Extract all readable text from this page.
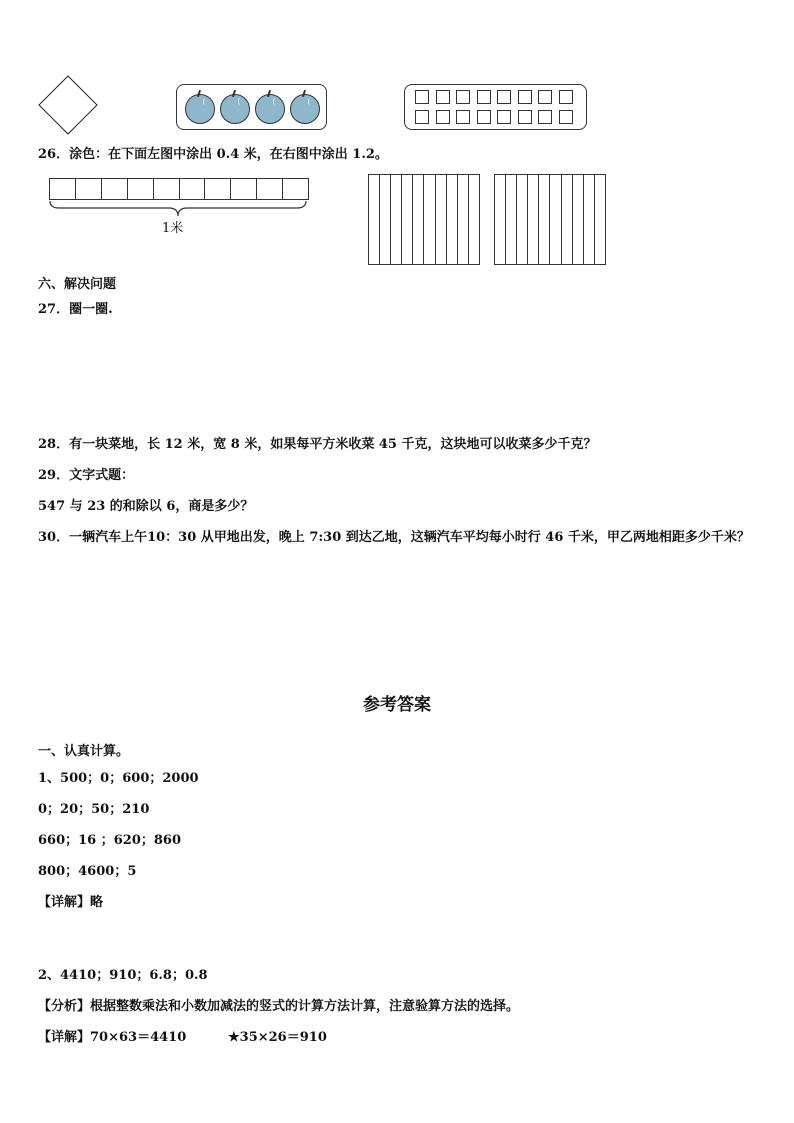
26．涂色：在下面左图中涂出 0.4 米，在右图中涂出 1.2。
1米
六、解决问题
27．圈一圈.
28．有一块菜地，长 12 米，宽 8 米，如果每平方米收菜 45 千克，这块地可以收菜多少千克？
29．文字式题：
547 与 23 的和除以 6，商是多少？
30．一辆汽车上午10：30 从甲地出发，晚上 7:30 到达乙地，这辆汽车平均每小时行 46 千米，甲乙两地相距多少千米？
参考答案
一、认真计算。
1、500；0；600；2000
0；20；50；210
660；16 ；620；860
800；4600；5
【详解】略
2、4410；910；6.8；0.8
【分析】根据整数乘法和小数加减法的竖式的计算方法计算，注意验算方法的选择。
【详解】70×63＝4410	★35×26＝910
